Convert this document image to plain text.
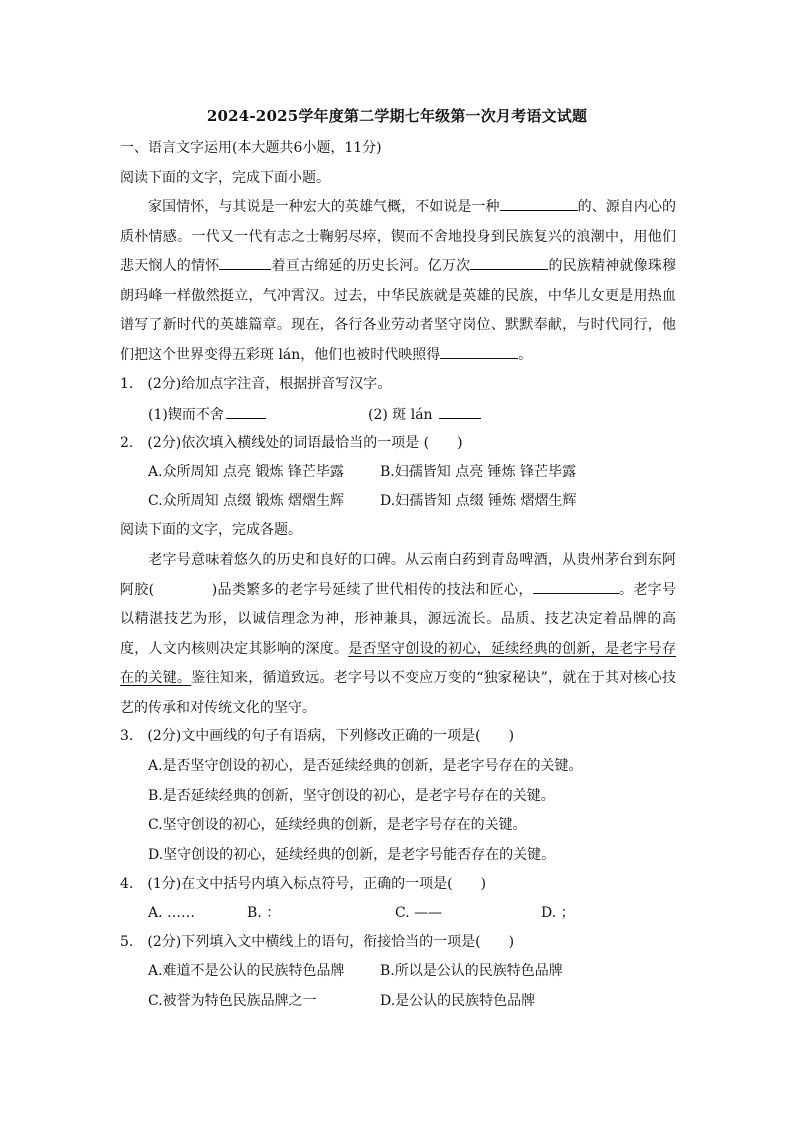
2024-2025学年度第二学期七年级第一次月考语文试题
一、语言文字运用(本大题共6小题，11分)
阅读下面的文字，完成下面小题。
家国情怀，与其说是一种宏大的英雄气概，不如说是一种	的、源自内心的质朴情感。一代又一代有志之士鞠躬尽瘁，锲而不舍地投身到民族复兴的浪潮中，用他们悲天悯人的情怀	着亘古绵延的历史长河。亿万次	的民族精神就像珠穆朗玛峰一样傲然挺立，气冲霄汉。过去，中华民族就是英雄的民族，中华儿女更是用热血谱写了新时代的英雄篇章。现在，各行各业劳动者坚守岗位、默默奉献，与时代同行，他们把这个世界变得五彩斑 lán，他们也被时代映照得	。
1.　(2分)给加点字注音，根据拼音写汉字。
(1)锲而不舍	(2) 斑 lán
2.　(2分)依次填入横线处的词语最恰当的一项是 (　　)
A.众所周知 点亮 锻炼 锋芒毕露	B.妇孺皆知 点亮 锤炼 锋芒毕露
C.众所周知 点缀 锻炼 熠熠生辉	D.妇孺皆知 点缀 锤炼 熠熠生辉
阅读下面的文字，完成各题。
老字号意味着悠久的历史和良好的口碑。从云南白药到青岛啤酒，从贵州茅台到东阿阿胶(　　　　)品类繁多的老字号延续了世代相传的技法和匠心，	。老字号以精湛技艺为形，以诚信理念为神，形神兼具，源远流长。品质、技艺决定着品牌的高度，人文内核则决定其影响的深度。是否坚守创设的初心，延续经典的创新，是老字号存在的关键。鉴往知来，循道致远。老字号以不变应万变的“独家秘诀”，就在于其对核心技艺的传承和对传统文化的坚守。
3.　(2分)文中画线的句子有语病，下列修改正确的一项是(　　)
A.是否坚守创设的初心，是否延续经典的创新，是老字号存在的关键。
B.是否延续经典的创新，坚守创设的初心，是老字号存在的关键。
C.坚守创设的初心，延续经典的创新，是老字号存在的关键。
D.坚守创设的初心，延续经典的创新，是老字号能否存在的关键。
4.　(1分)在文中括号内填入标点符号，正确的一项是(　　)
A. ……	B. ：	C. ——	D. ；
5.　(2分)下列填入文中横线上的语句，衔接恰当的一项是(　　)
A.难道不是公认的民族特色品牌	B.所以是公认的民族特色品牌
C.被誉为特色民族品牌之一	D.是公认的民族特色品牌
